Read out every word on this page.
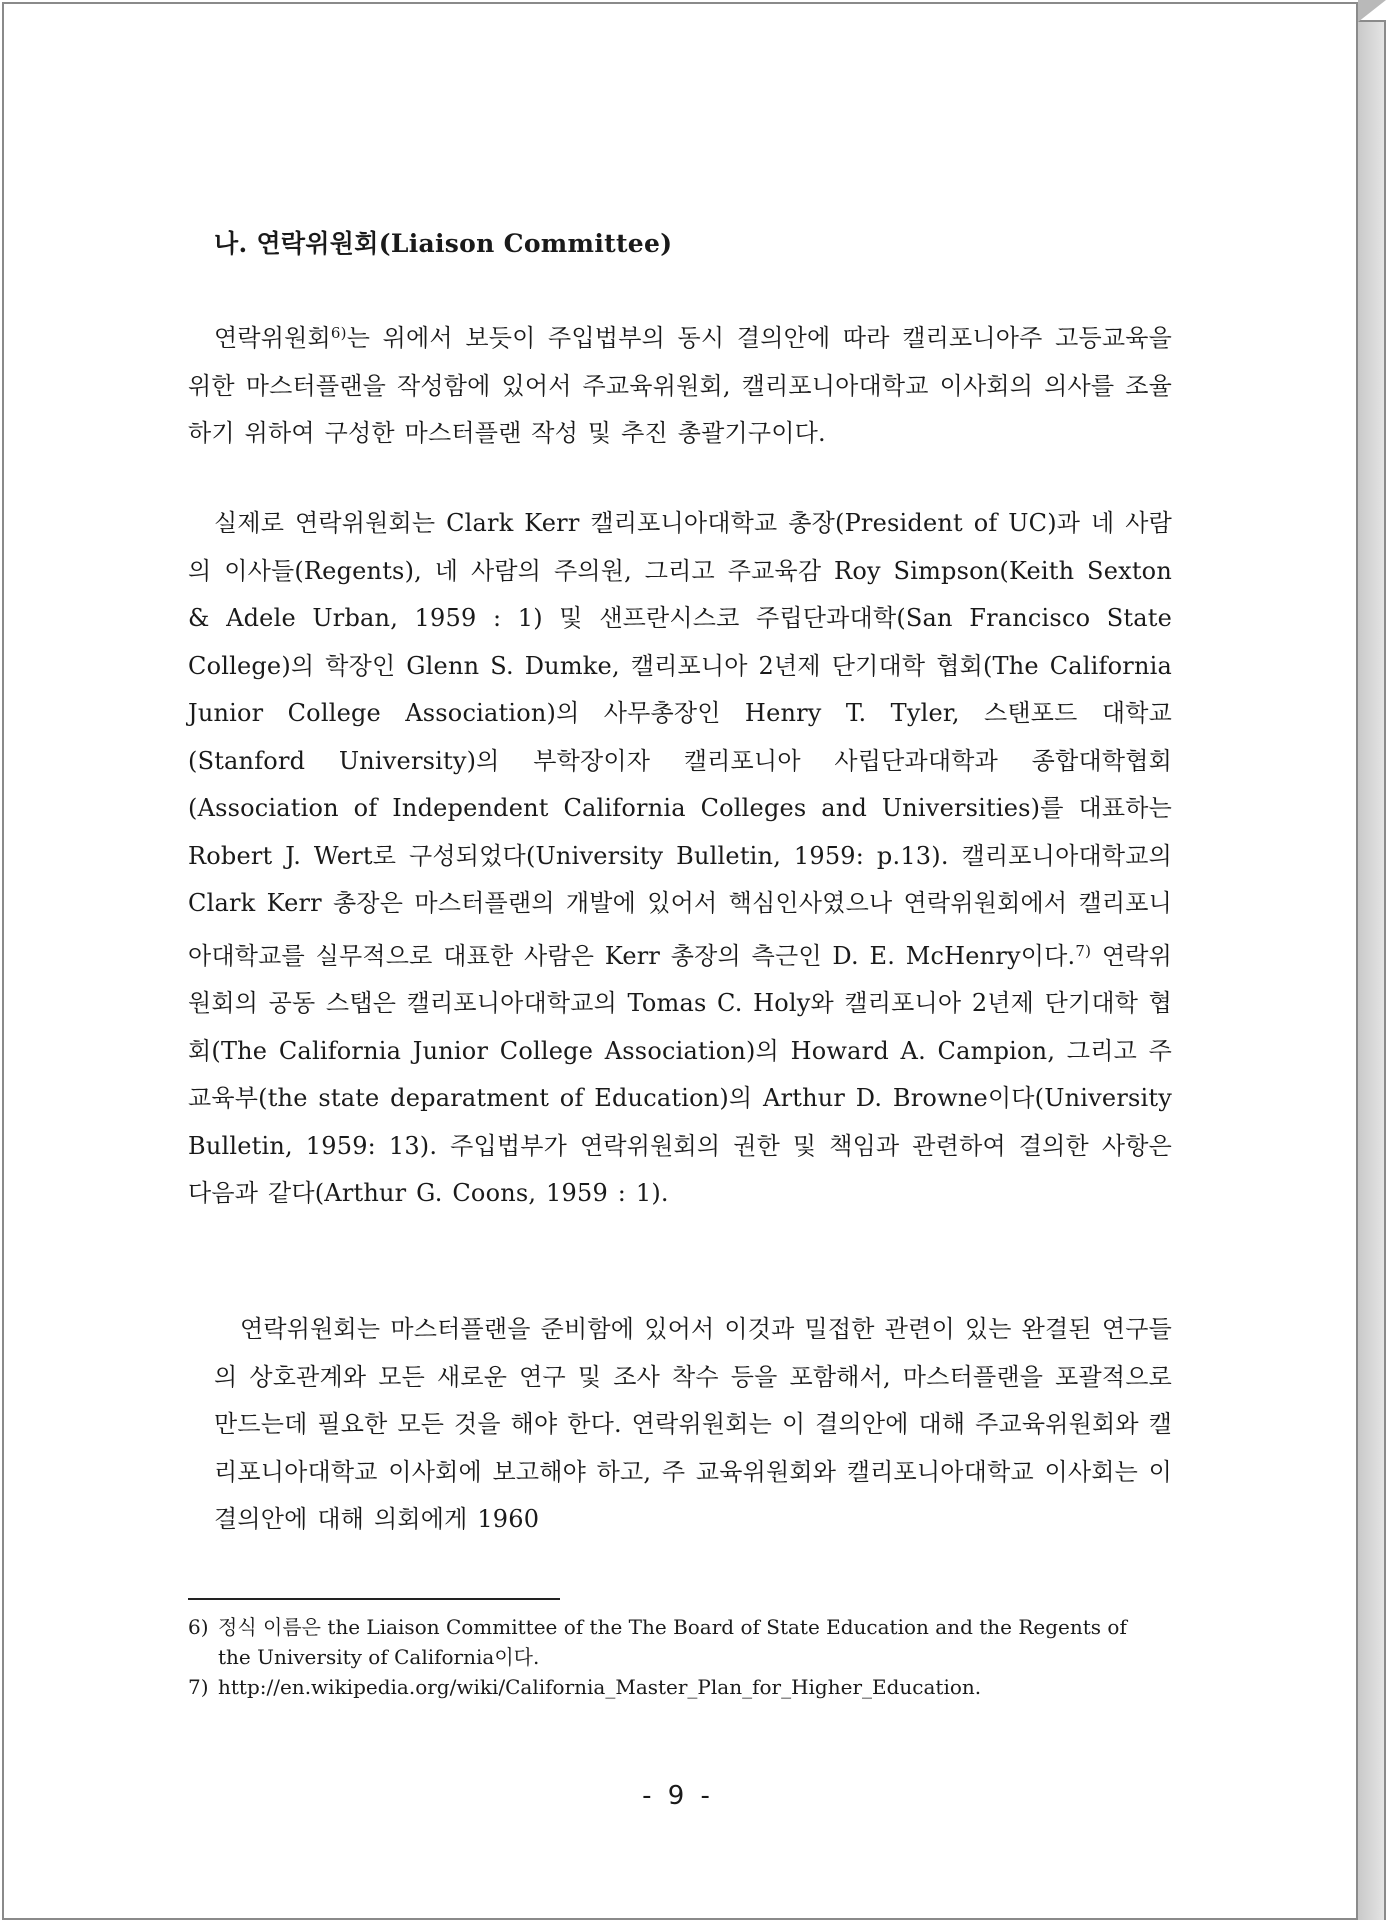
나. 연락위원회(Liaison Committee)
연락위원회$^{6)}$는 위에서 보듯이 주입법부의 동시 결의안에 따라 캘리포니아주 고등교육을 위한 마스터플랜을 작성함에 있어서 주교육위원회, 캘리포니아대학교 이사회의 의사를 조율하기 위하여 구성한 마스터플랜 작성 및 추진 총괄기구이다.
실제로 연락위원회는 Clark Kerr 캘리포니아대학교 총장(President of UC)과 네 사람의 이사들(Regents), 네 사람의 주의원, 그리고 주교육감 Roy Simpson(Keith Sexton & Adele Urban, 1959 : 1) 및 샌프란시스코 주립단과대학(San Francisco State College)의 학장인 Glenn S. Dumke, 캘리포니아 2년제 단기대학 협회(The California Junior College Association)의 사무총장인 Henry T. Tyler, 스탠포드 대학교(Stanford University)의 부학장이자 캘리포니아 사립단과대학과 종합대학협회(Association of Independent California Colleges and Universities)를 대표하는 Robert J. Wert로 구성되었다(University Bulletin, 1959: p.13). 캘리포니아대학교의 Clark Kerr 총장은 마스터플랜의 개발에 있어서 핵심인사였으나 연락위원회에서 캘리포니아대학교를 실무적으로 대표한 사람은 Kerr 총장의 측근인 D. E. McHenry이다.$^{7)}$ 연락위원회의 공동 스탭은 캘리포니아대학교의 Tomas C. Holy와 캘리포니아 2년제 단기대학 협회(The California Junior College Association)의 Howard A. Campion, 그리고 주교육부(the state deparatment of Education)의 Arthur D. Browne이다(University Bulletin, 1959: 13). 주입법부가 연락위원회의 권한 및 책임과 관련하여 결의한 사항은 다음과 같다(Arthur G. Coons, 1959 : 1).
연락위원회는 마스터플랜을 준비함에 있어서 이것과 밀접한 관련이 있는 완결된 연구들의 상호관계와 모든 새로운 연구 및 조사 착수 등을 포함해서, 마스터플랜을 포괄적으로 만드는데 필요한 모든 것을 해야 한다. 연락위원회는 이 결의안에 대해 주교육위원회와 캘리포니아대학교 이사회에 보고해야 하고, 주 교육위원회와 캘리포니아대학교 이사회는 이 결의안에 대해 의회에게 1960
6) 정식 이름은 the Liaison Committee of the The Board of State Education and the Regents of
the University of California이다.
7) http://en.wikipedia.org/wiki/California_Master_Plan_for_Higher_Education.
- 9 -
